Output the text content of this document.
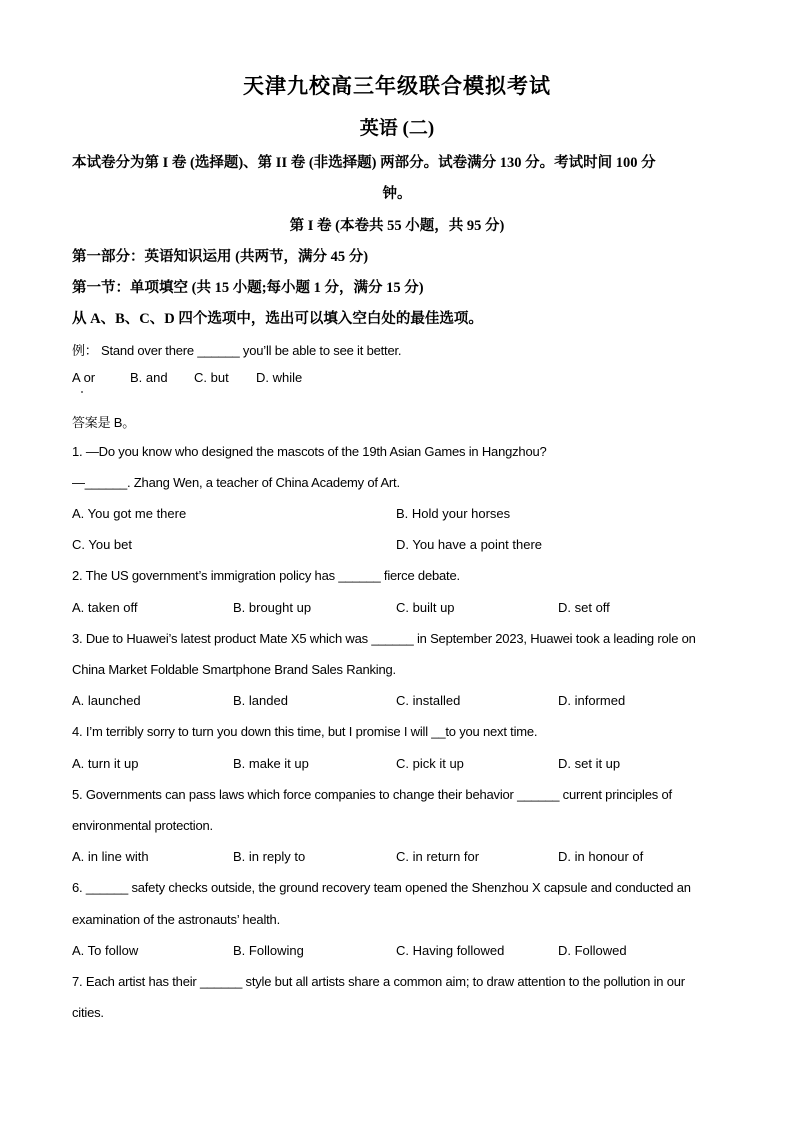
天津九校高三年级联合模拟考试
英语 (二)
本试卷分为第 I 卷 (选择题)、第 II 卷 (非选择题) 两部分。试卷满分 130 分。考试时间 100 分
钟。
第 I 卷 (本卷共 55 小题，共 95 分)
第一部分：英语知识运用 (共两节，满分 45 分)
第一节：单项填空 (共 15 小题;每小题 1 分，满分 15 分)
从 A、B、C、D 四个选项中，选出可以填入空白处的最佳选项。
例： Stand over there ______ you’ll be able to see it better.
A or	B. and C. but D. while
答案是 B。
1. —Do you know who designed the mascots of the 19th Asian Games in Hangzhou?
—______. Zhang Wen, a teacher of China Academy of Art.
A. You got me there	B. Hold your horses
C. You bet	D. You have a point there
2. The US government’s immigration policy has ______ fierce debate.
A. taken off	B. brought up	C. built up	D. set off
3. Due to Huawei’s latest product Mate X5 which was ______ in September 2023, Huawei took a leading role on
China Market Foldable Smartphone Brand Sales Ranking.
A. launched	B. landed	C. installed	D. informed
4. I’m terribly sorry to turn you down this time, but I promise I will __to you next time.
A. turn it up	B. make it up	C. pick it up	D. set it up
5. Governments can pass laws which force companies to change their behavior ______ current principles of
environmental protection.
A. in line with	B. in reply to	C. in return for	D. in honour of
6. ______ safety checks outside, the ground recovery team opened the Shenzhou X capsule and conducted an
examination of the astronauts’ health.
A. To follow	B. Following	C. Having followed	D. Followed
7. Each artist has their ______ style but all artists share a common aim; to draw attention to the pollution in our
cities.
